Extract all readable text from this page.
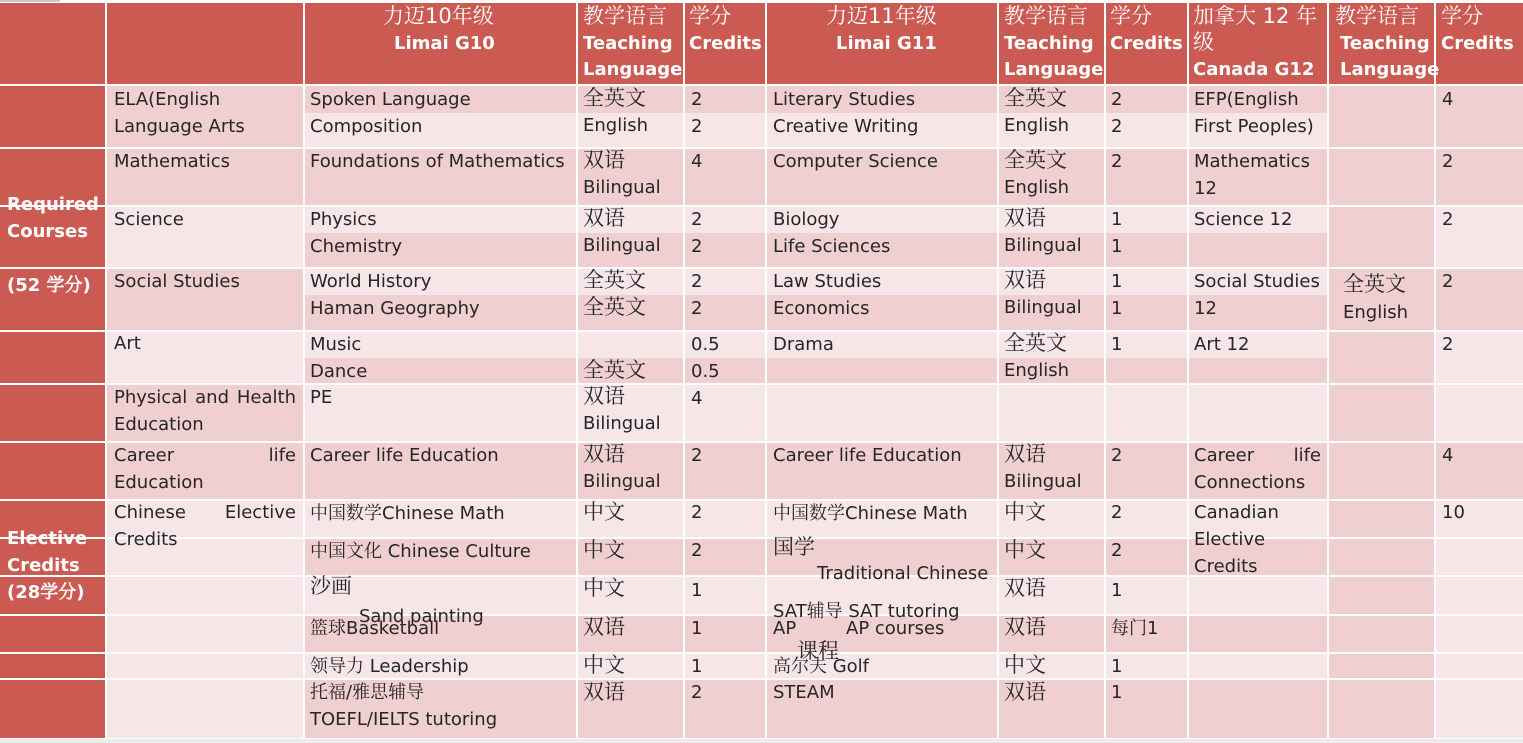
力迈10年级
Limai G10
教学语言
Teaching
Language
学分
Credits
力迈11年级
Limai G11
教学语言
Teaching
Language
学分
Credits
加拿大 12 年
级
Canada G12
教学语言
Teaching
Language
学分
Credits
Required
Courses
(52 学分)
Elective
Credits
(28学分)
ELA(English
Language Arts
Mathematics
Science
Social Studies
Art
Physical and Health
Education
Career	life
Education
Chinese Elective
Credits
Spoken Language
Composition
Foundations of Mathematics
Physics
Chemistry
World History
Haman Geography
Music
Dance
PE
Career life Education
中国数学Chinese Math
中国文化 Chinese Culture
沙画
Sand painting
篮球Basketball
领导力 Leadership
托福/雅思辅导
TOEFL/IELTS tutoring
全英文
English
双语
Bilingual
双语
Bilingual
全英文
全英文
全英文
双语
Bilingual
双语
Bilingual
中文
中文
中文
双语
中文
双语
2
2
4
2
2
2
2
0.5
0.5
4
2
2
2
1
1
1
2
Literary Studies
Creative Writing
Computer Science
Biology
Life Sciences
Law Studies
Economics
Drama
Career life Education
中国数学Chinese Math
国学
Traditional Chinese
SAT辅导 SAT tutoring
AP	AP courses
课程
高尔夫 Golf
STEAM
全英文
English
全英文
English
双语
Bilingual
双语
Bilingual
全英文
English
双语
Bilingual
中文
中文
双语
双语
中文
双语
2
2
2
1
1
1
1
1
2
2
2
1
每门1
1
1
EFP(English
First Peoples)
Mathematics
12
Science 12
Social Studies
12
Art 12
Career life
Connections
Canadian
Elective
Credits
全英文
English
4
2
2
2
2
4
10
